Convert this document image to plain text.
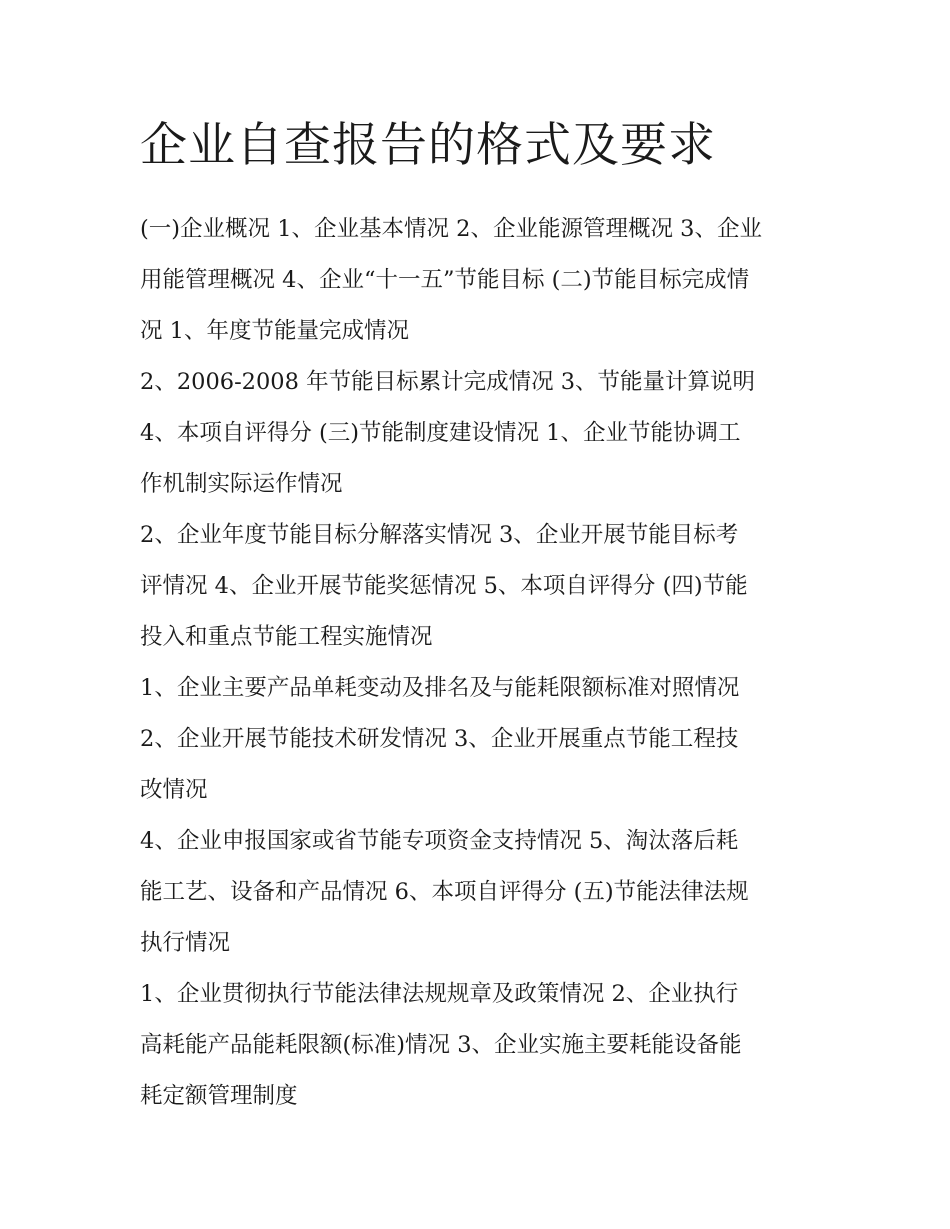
企业自查报告的格式及要求

(一)企业概况 1、企业基本情况 2、企业能源管理概况 3、企业
用能管理概况 4、企业“十一五”节能目标 (二)节能目标完成情
况 1、年度节能量完成情况

2、2006-2008 年节能目标累计完成情况 3、节能量计算说明

4、本项自评得分 (三)节能制度建设情况 1、企业节能协调工
作机制实际运作情况

2、企业年度节能目标分解落实情况 3、企业开展节能目标考
评情况 4、企业开展节能奖惩情况 5、本项自评得分 (四)节能
投入和重点节能工程实施情况

1、企业主要产品单耗变动及排名及与能耗限额标准对照情况

2、企业开展节能技术研发情况 3、企业开展重点节能工程技
改情况

4、企业申报国家或省节能专项资金支持情况 5、淘汰落后耗
能工艺、设备和产品情况 6、本项自评得分 (五)节能法律法规
执行情况

1、企业贯彻执行节能法律法规规章及政策情况 2、企业执行
高耗能产品能耗限额(标准)情况 3、企业实施主要耗能设备能
耗定额管理制度
